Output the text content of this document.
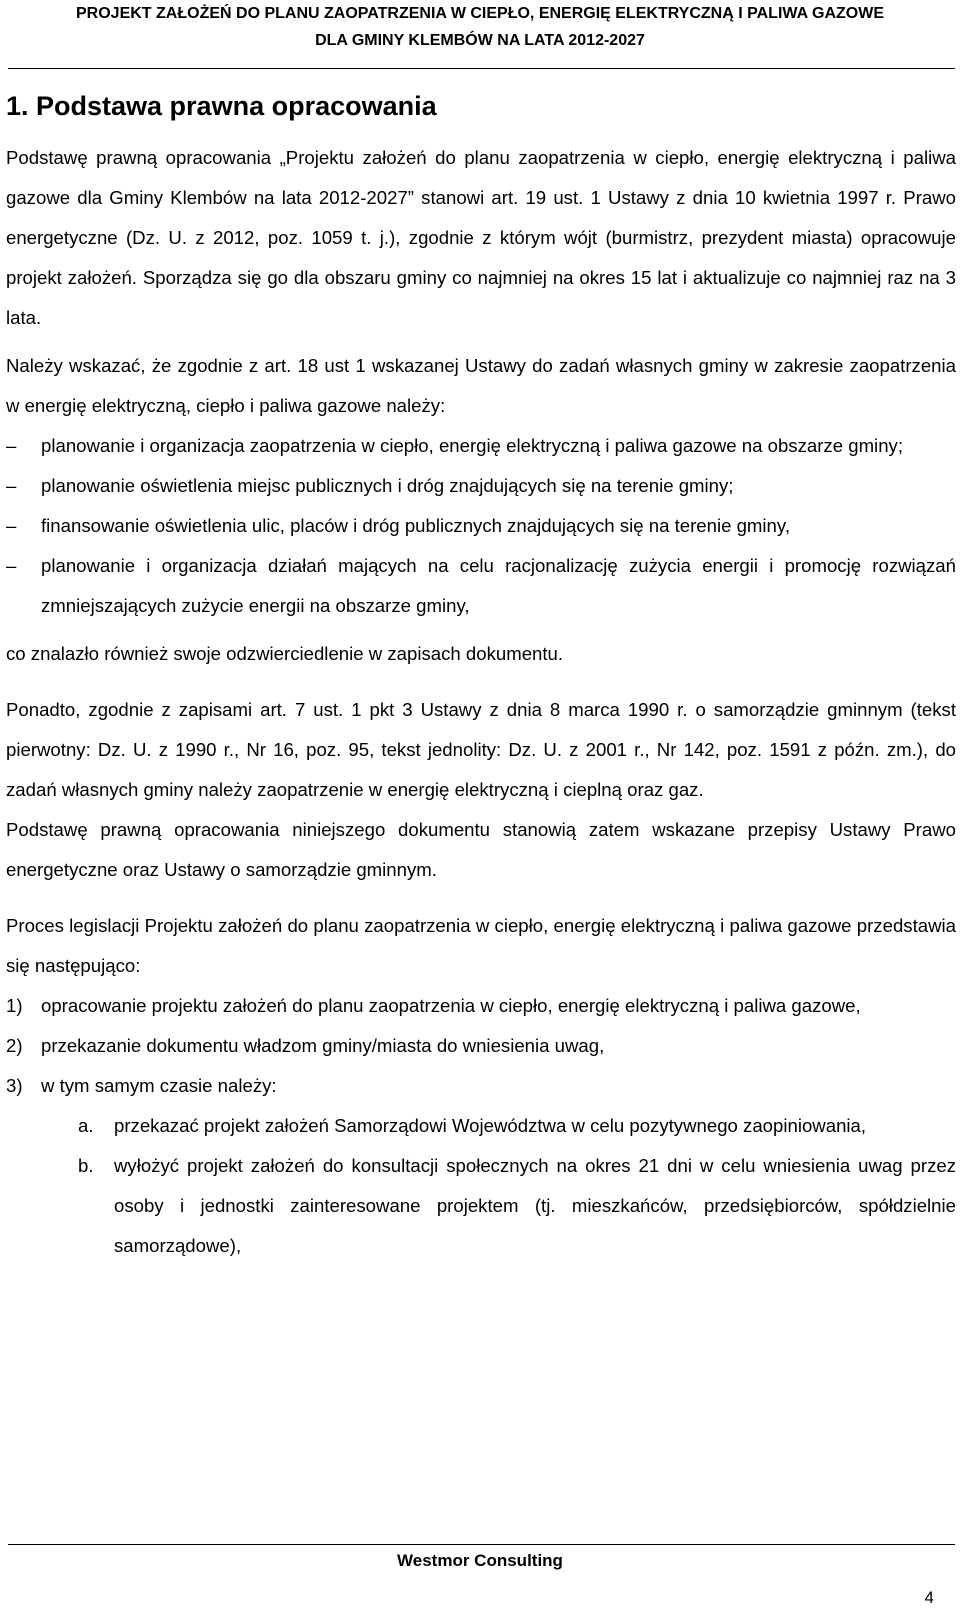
PROJEKT ZAŁOŻEŃ DO PLANU ZAOPATRZENIA W CIEPŁO, ENERGIĘ ELEKTRYCZNĄ I PALIWA GAZOWE
DLA GMINY KLEMBÓW NA LATA 2012-2027
1. Podstawa prawna opracowania

Podstawę prawną opracowania „Projektu założeń do planu zaopatrzenia w ciepło, energię elektryczną i paliwa gazowe dla Gminy Klembów na lata 2012-2027” stanowi art. 19 ust. 1 Ustawy z dnia 10 kwietnia 1997 r. Prawo energetyczne (Dz. U. z 2012, poz. 1059 t. j.), zgodnie z którym wójt (burmistrz, prezydent miasta) opracowuje projekt założeń. Sporządza się go dla obszaru gminy co najmniej na okres 15 lat i aktualizuje co najmniej raz na 3 lata.

Należy wskazać, że zgodnie z art. 18 ust 1 wskazanej Ustawy do zadań własnych gminy w zakresie zaopatrzenia w energię elektryczną, ciepło i paliwa gazowe należy:

–	planowanie i organizacja zaopatrzenia w ciepło, energię elektryczną i paliwa gazowe na obszarze gminy;
–	planowanie oświetlenia miejsc publicznych i dróg znajdujących się na terenie gminy;
–	finansowanie oświetlenia ulic, placów i dróg publicznych znajdujących się na terenie gminy,
–	planowanie i organizacja działań mających na celu racjonalizację zużycia energii i promocję rozwiązań zmniejszających zużycie energii na obszarze gminy,

co znalazło również swoje odzwierciedlenie w zapisach dokumentu.

Ponadto, zgodnie z zapisami art. 7 ust. 1 pkt 3 Ustawy z dnia 8 marca 1990 r. o samorządzie gminnym (tekst pierwotny: Dz. U. z 1990 r., Nr 16, poz. 95, tekst jednolity: Dz. U. z 2001 r., Nr 142, poz. 1591 z późn. zm.), do zadań własnych gminy należy zaopatrzenie w energię elektryczną i cieplną oraz gaz.

Podstawę prawną opracowania niniejszego dokumentu stanowią zatem wskazane przepisy Ustawy Prawo energetyczne oraz Ustawy o samorządzie gminnym.

Proces legislacji Projektu założeń do planu zaopatrzenia w ciepło, energię elektryczną i paliwa gazowe przedstawia się następująco:

1) opracowanie projektu założeń do planu zaopatrzenia w ciepło, energię elektryczną i paliwa gazowe,
2) przekazanie dokumentu władzom gminy/miasta do wniesienia uwag,
3) w tym samym czasie należy:
a. przekazać projekt założeń Samorządowi Województwa w celu pozytywnego zaopiniowania,
b. wyłożyć projekt założeń do konsultacji społecznych na okres 21 dni w celu wniesienia uwag przez osoby i jednostki zainteresowane projektem (tj. mieszkańców, przedsiębiorców, spółdzielnie samorządowe),
Westmor Consulting
4
